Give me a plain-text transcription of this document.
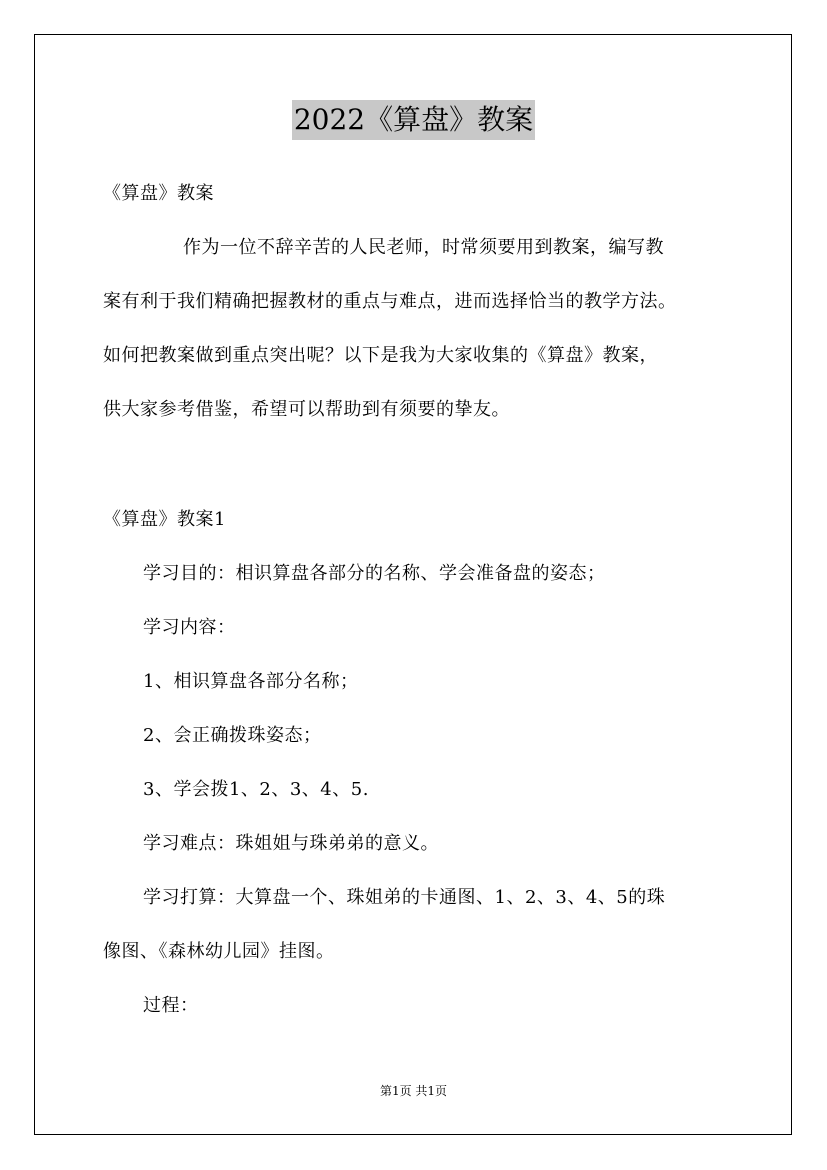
2022《算盘》教案
《算盘》教案
作为一位不辞辛苦的人民老师，时常须要用到教案，编写教
案有利于我们精确把握教材的重点与难点，进而选择恰当的教学方法。
如何把教案做到重点突出呢？以下是我为大家收集的《算盘》教案，
供大家参考借鉴，希望可以帮助到有须要的挚友。
《算盘》教案1
学习目的：相识算盘各部分的名称、学会准备盘的姿态；
学习内容：
1、相识算盘各部分名称；
2、会正确拨珠姿态；
3、学会拨1、2、3、4、5.
学习难点：珠姐姐与珠弟弟的意义。
学习打算：大算盘一个、珠姐弟的卡通图、1、2、3、4、5的珠
像图、《森林幼儿园》挂图。
过程：
第1页 共1页
